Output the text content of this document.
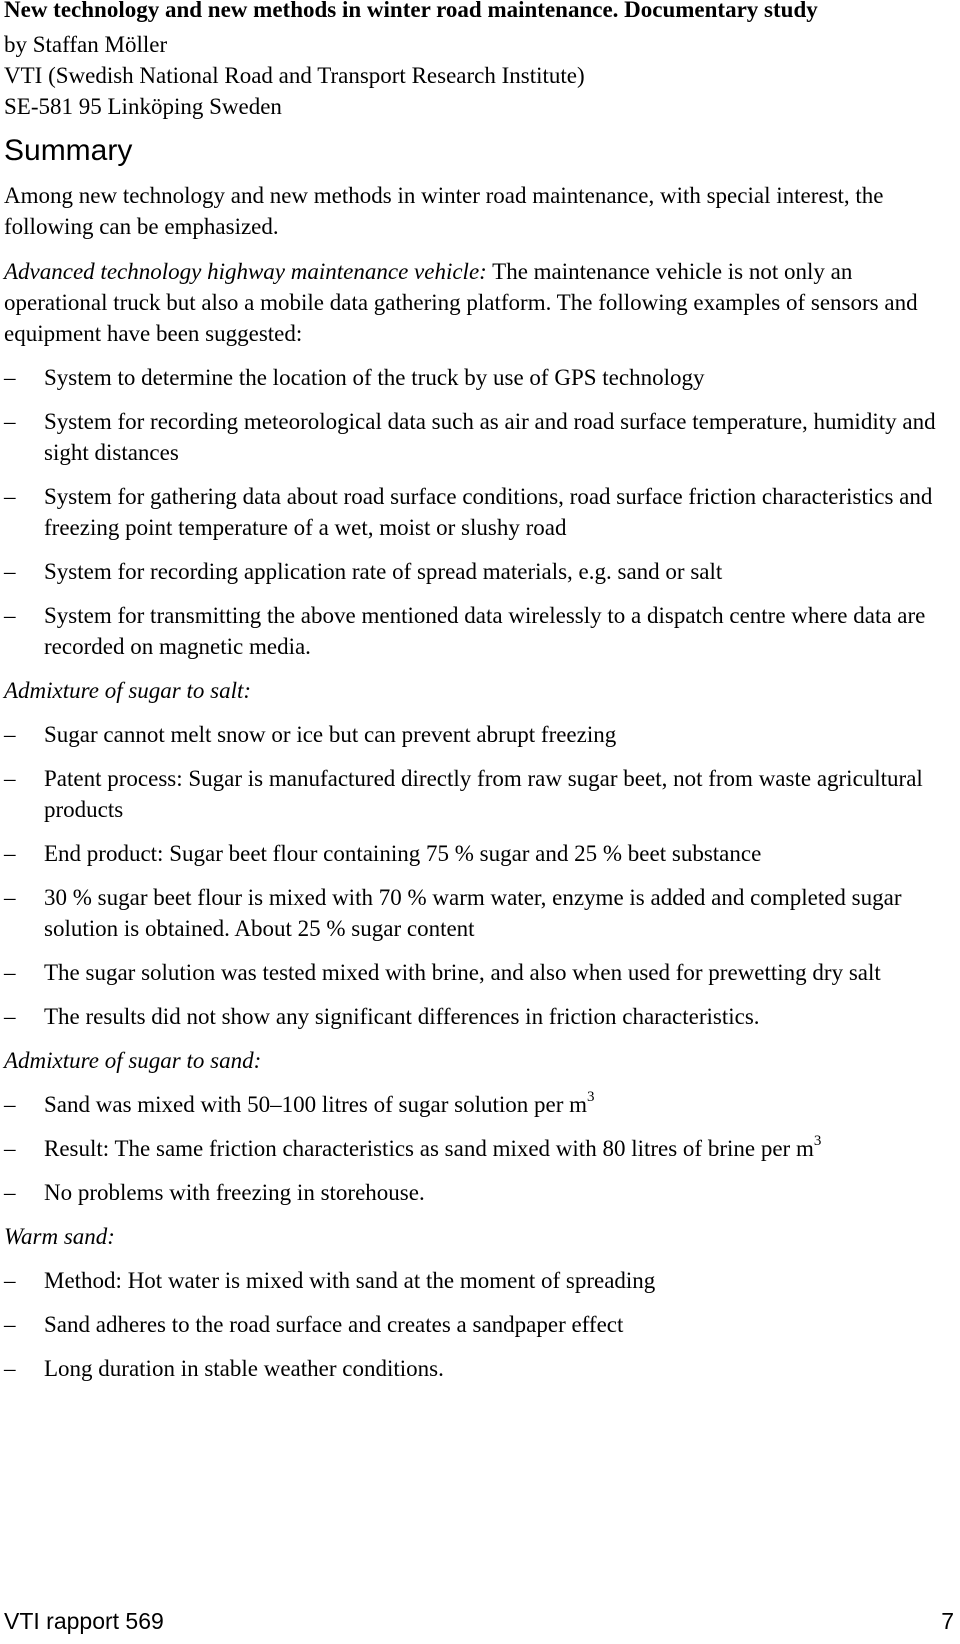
New technology and new methods in winter road maintenance. Documentary study
by Staffan Möller
VTI (Swedish National Road and Transport Research Institute)
SE-581 95 Linköping Sweden
Summary

Among new technology and new methods in winter road maintenance, with special interest, the following can be emphasized.

Advanced technology highway maintenance vehicle: The maintenance vehicle is not only an operational truck but also a mobile data gathering platform. The following examples of sensors and equipment have been suggested:

– System to determine the location of the truck by use of GPS technology
– System for recording meteorological data such as air and road surface temperature, humidity and sight distances
– System for gathering data about road surface conditions, road surface friction characteristics and freezing point temperature of a wet, moist or slushy road
– System for recording application rate of spread materials, e.g. sand or salt
– System for transmitting the above mentioned data wirelessly to a dispatch centre where data are recorded on magnetic media.
Admixture of sugar to salt:
– Sugar cannot melt snow or ice but can prevent abrupt freezing
– Patent process: Sugar is manufactured directly from raw sugar beet, not from waste agricultural products
– End product: Sugar beet flour containing 75 % sugar and 25 % beet substance
– 30 % sugar beet flour is mixed with 70 % warm water, enzyme is added and completed sugar solution is obtained. About 25 % sugar content
– The sugar solution was tested mixed with brine, and also when used for prewetting dry salt
– The results did not show any significant differences in friction characteristics.
Admixture of sugar to sand:
– Sand was mixed with 50–100 litres of sugar solution per $m^3$
– Result: The same friction characteristics as sand mixed with 80 litres of brine per $m^3$
– No problems with freezing in storehouse.
Warm sand:
– Method: Hot water is mixed with sand at the moment of spreading
– Sand adheres to the road surface and creates a sandpaper effect
– Long duration in stable weather conditions.
VTI rapport 569	7
